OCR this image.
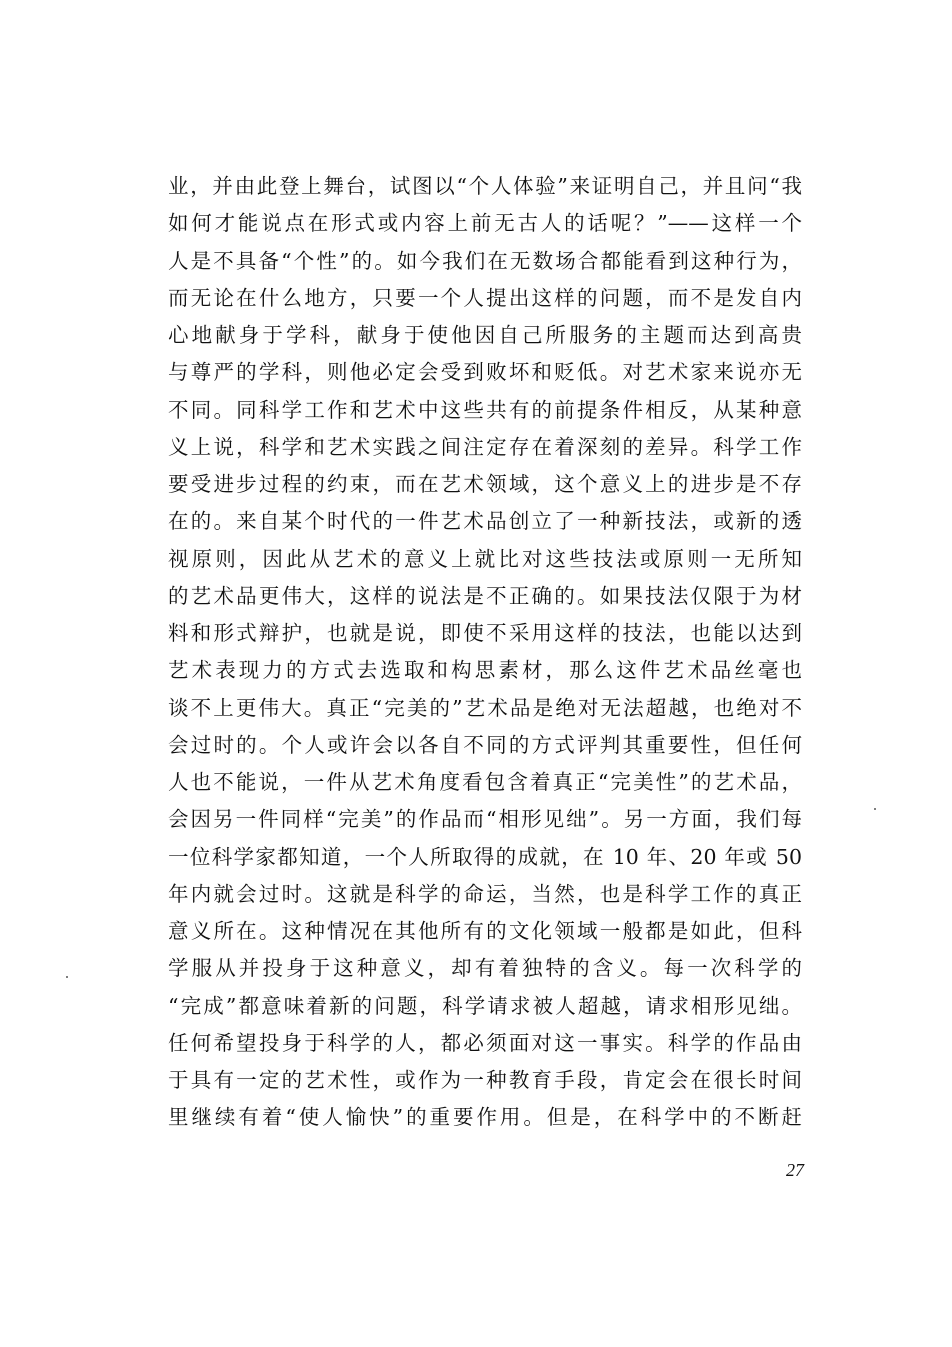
业，并由此登上舞台，试图以“个人体验”来证明自己，并且问“我
如何才能说点在形式或内容上前无古人的话呢？”——这样一个
人是不具备“个性”的。如今我们在无数场合都能看到这种行为，
而无论在什么地方，只要一个人提出这样的问题，而不是发自内
心地献身于学科，献身于使他因自己所服务的主题而达到高贵
与尊严的学科，则他必定会受到败坏和贬低。对艺术家来说亦无
不同。同科学工作和艺术中这些共有的前提条件相反，从某种意
义上说，科学和艺术实践之间注定存在着深刻的差异。科学工作
要受进步过程的约束，而在艺术领域，这个意义上的进步是不存
在的。来自某个时代的一件艺术品创立了一种新技法，或新的透
视原则，因此从艺术的意义上就比对这些技法或原则一无所知
的艺术品更伟大，这样的说法是不正确的。如果技法仅限于为材
料和形式辩护，也就是说，即使不采用这样的技法，也能以达到
艺术表现力的方式去选取和构思素材，那么这件艺术品丝毫也
谈不上更伟大。真正“完美的”艺术品是绝对无法超越，也绝对不
会过时的。个人或许会以各自不同的方式评判其重要性，但任何
人也不能说，一件从艺术角度看包含着真正“完美性”的艺术品，
会因另一件同样“完美”的作品而“相形见绌”。另一方面，我们每
一位科学家都知道，一个人所取得的成就，在 10 年、20 年或 50
年内就会过时。这就是科学的命运，当然，也是科学工作的真正
意义所在。这种情况在其他所有的文化领域一般都是如此，但科
学服从并投身于这种意义，却有着独特的含义。每一次科学的
“完成”都意味着新的问题，科学请求被人超越，请求相形见绌。
任何希望投身于科学的人，都必须面对这一事实。科学的作品由
于具有一定的艺术性，或作为一种教育手段，肯定会在很长时间
里继续有着“使人愉快”的重要作用。但是，在科学中的不断赶
27
